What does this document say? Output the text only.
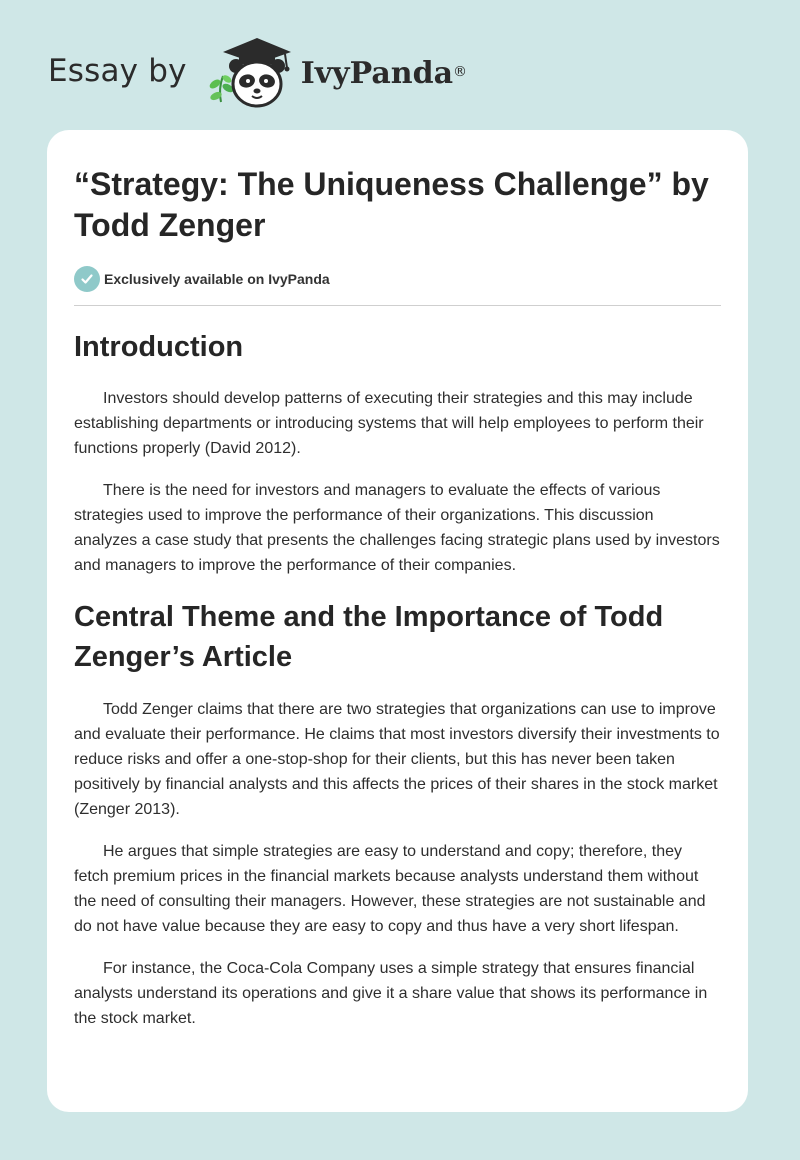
Essay by	IvyPanda ®
“Strategy: The Uniqueness Challenge” by Todd Zenger
Exclusively available on IvyPanda
Introduction

Investors should develop patterns of executing their strategies and this may include establishing departments or introducing systems that will help employees to perform their functions properly (David 2012).

There is the need for investors and managers to evaluate the effects of various strategies used to improve the performance of their organizations. This discussion analyzes a case study that presents the challenges facing strategic plans used by investors and managers to improve the performance of their companies.

Central Theme and the Importance of Todd Zenger’s Article

Todd Zenger claims that there are two strategies that organizations can use to improve and evaluate their performance. He claims that most investors diversify their investments to reduce risks and offer a one-stop-shop for their clients, but this has never been taken positively by financial analysts and this affects the prices of their shares in the stock market (Zenger 2013).

He argues that simple strategies are easy to understand and copy; therefore, they fetch premium prices in the financial markets because analysts understand them without the need of consulting their managers. However, these strategies are not sustainable and do not have value because they are easy to copy and thus have a very short lifespan.

For instance, the Coca-Cola Company uses a simple strategy that ensures financial analysts understand its operations and give it a share value that shows its performance in the stock market.
